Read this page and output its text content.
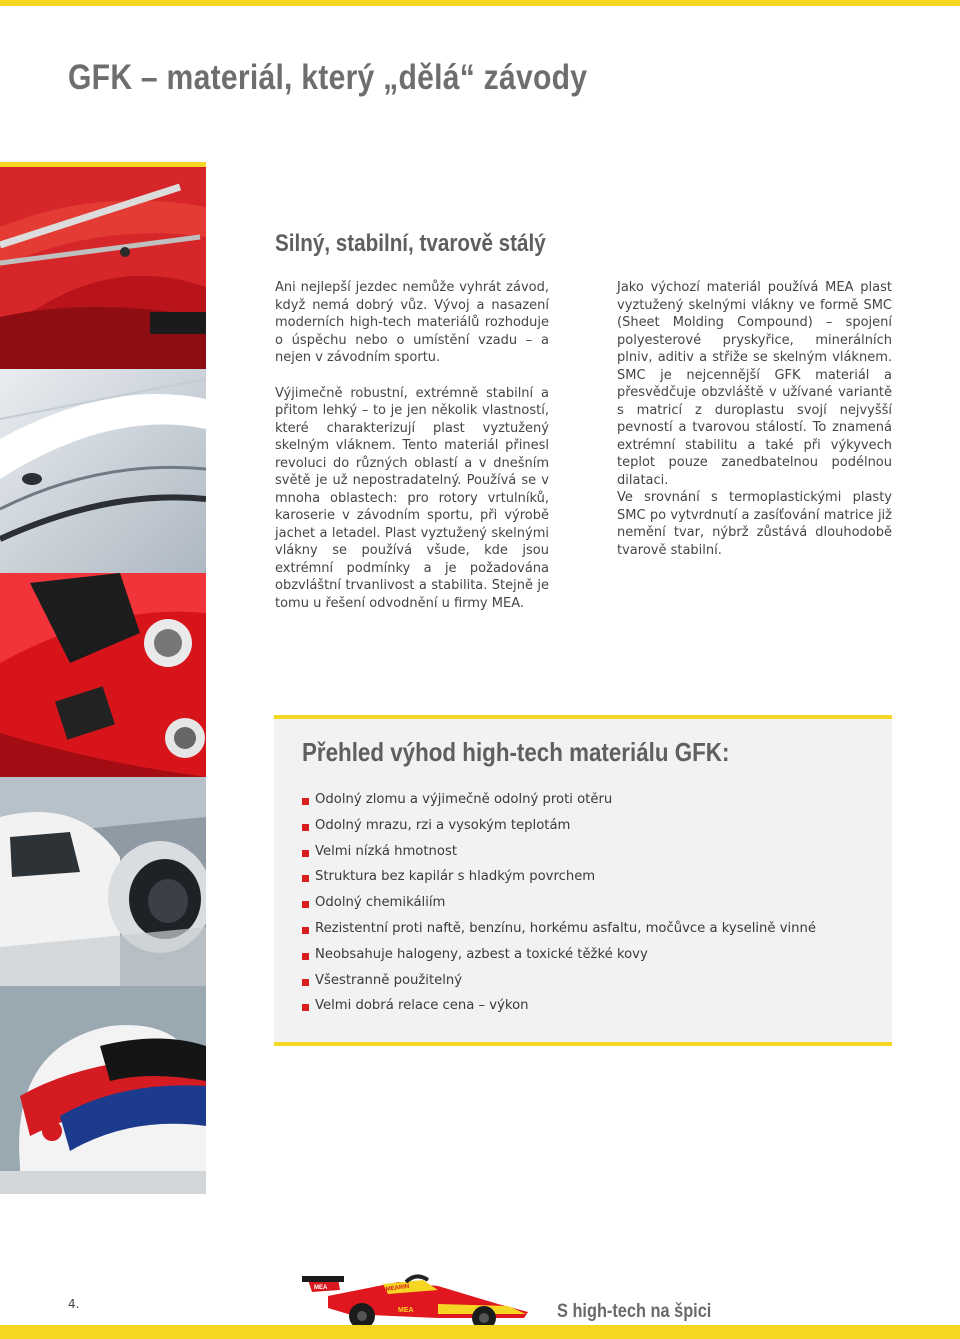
GFK – materiál, který „dělá“ závody
Silný, stabilní, tvarově stálý

Ani nejlepší jezdec nemůže vyhrát závod, když nemá dobrý vůz. Vývoj a nasazení moderních high-tech materiálů rozhoduje o úspěchu nebo o umístění vzadu – a nejen v závodním sportu.

Výjimečně robustní, extrémně stabilní a přitom lehký – to je jen několik vlastností, které charakterizují plast vyztužený skelným vláknem. Tento materiál přinesl revoluci do různých oblastí a v dnešním světě je už nepostradatelný. Používá se v mnoha oblastech: pro rotory vrtulníků, karoserie v závodním sportu, při výrobě jachet a letadel. Plast vyztužený skelnými vlákny se používá všude, kde jsou extrémní podmínky a je požadována obzvláštní trvanlivost a stabilita. Stejně je tomu u řešení odvodnění u firmy MEA.

Jako výchozí materiál používá MEA plast vyztužený skelnými vlákny ve formě SMC (Sheet Molding Compound) – spojení polyesterové pryskyřice, minerálních plniv, aditiv a střiže se skelným vláknem. SMC je nejcennější GFK materiál a přesvědčuje obzvláště v užívané variantě s matricí z duroplastu svojí nejvyšší pevností a tvarovou stálostí. To znamená extrémní stabilitu a také při výkyvech teplot pouze zanedbatelnou podélnou dilataci.

Ve srovnání s termoplastickými plasty SMC po vytvrdnutí a zasíťování matrice již nemění tvar, nýbrž zůstává dlouhodobě tvarově stabilní.

Přehled výhod high-tech materiálu GFK:
Odolný zlomu a výjimečně odolný proti otěru
Odolný mrazu, rzi a vysokým teplotám
Velmi nízká hmotnost
Struktura bez kapilár s hladkým povrchem
Odolný chemikáliím
Rezistentní proti naftě, benzínu, horkému asfaltu, močůvce a kyselině vinné
Neobsahuje halogeny, azbest a toxické těžké kovy
Všestranně použitelný
Velmi dobrá relace cena – výkon
4.
MEA	MEARIN
MEA	S high-tech na špici
